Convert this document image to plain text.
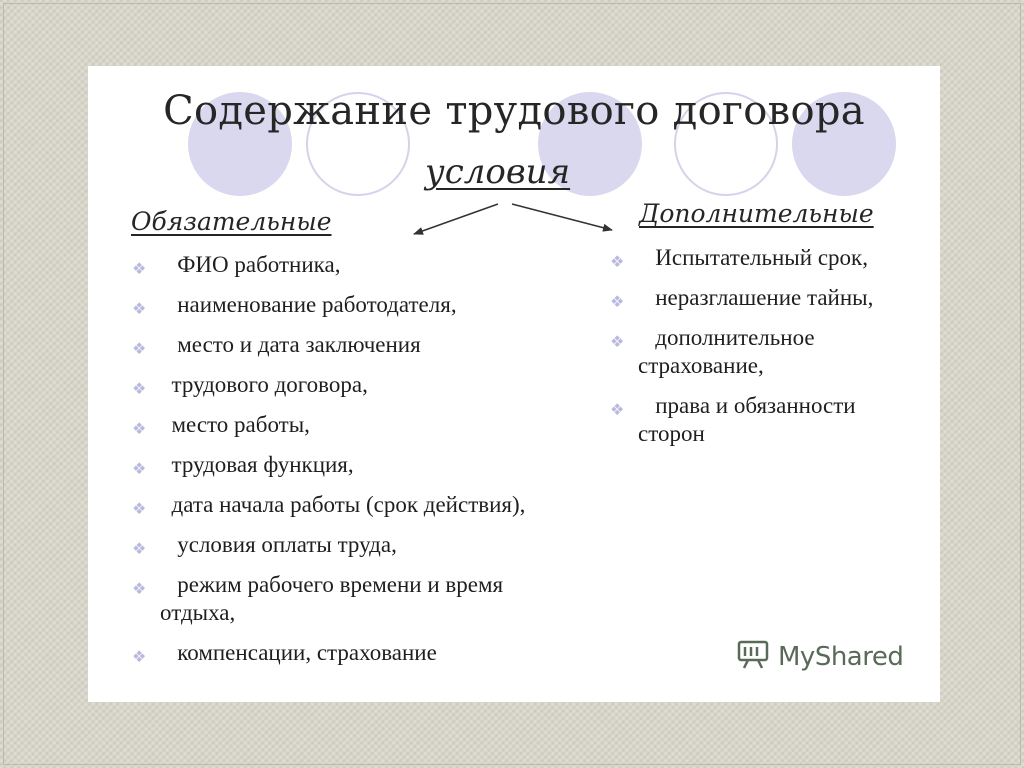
Содержание трудового договора
условия
Обязательные	Дополнительные
❖ ФИО работника,
❖ наименование работодателя,
❖ место и дата заключения
❖ трудового договора,
❖ место работы,
❖ трудовая функция,
❖ дата начала работы (срок действия),
❖ условия оплаты труда,
❖ режим рабочего времени и время отдыха,
❖ компенсации, страхование
❖ Испытательный срок,
❖ неразглашение тайны,
❖ дополнительное страхование,
❖ права и обязанности сторон
MyShared
